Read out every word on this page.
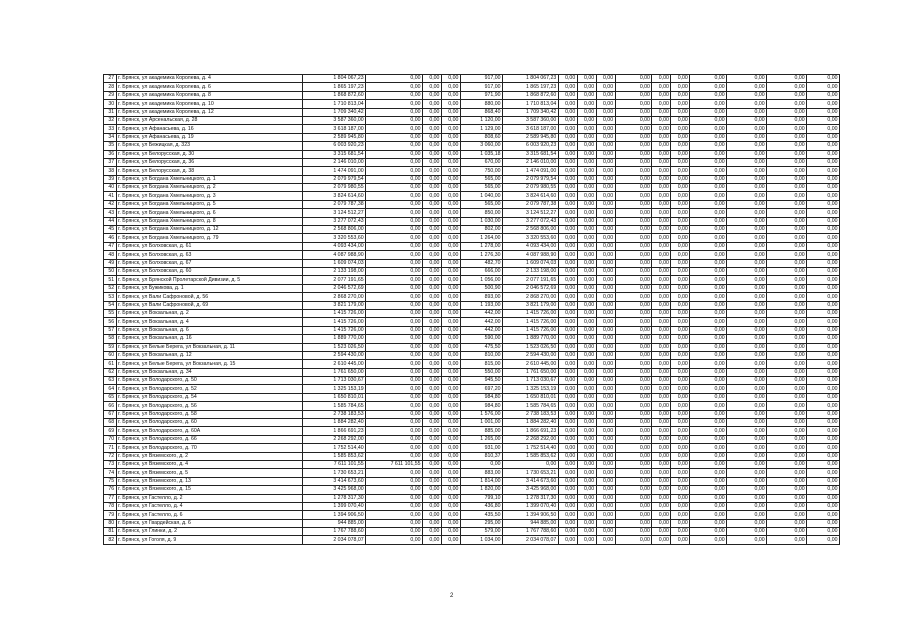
27	г. Брянск, ул академика Королева, д. 4	1 804 067,23	0,00	0,00	0,00	917,00	1 804 067,23	0,00	0,00	0,00	0,00	0,00	0,00	0,00	0,00	0,00	0,00
28	г. Брянск, ул академика Королева, д. 6	1 865 197,23	0,00	0,00	0,00	917,00	1 865 197,23	0,00	0,00	0,00	0,00	0,00	0,00	0,00	0,00	0,00	0,00
29	г. Брянск, ул академика Королева, д. 8	1 868 872,60	0,00	0,00	0,00	971,90	1 868 872,60	0,00	0,00	0,00	0,00	0,00	0,00	0,00	0,00	0,00	0,00
30	г. Брянск, ул академика Королева, д. 10	1 710 813,04	0,00	0,00	0,00	880,00	1 710 813,04	0,00	0,00	0,00	0,00	0,00	0,00	0,00	0,00	0,00	0,00
31	г. Брянск, ул академика Королева, д. 12	1 709 340,42	0,00	0,00	0,00	868,40	1 709 340,42	0,00	0,00	0,00	0,00	0,00	0,00	0,00	0,00	0,00	0,00
32	г. Брянск, ул Арсенальская, д. 28	3 587 360,00	0,00	0,00	0,00	1 120,00	3 587 360,00	0,00	0,00	0,00	0,00	0,00	0,00	0,00	0,00	0,00	0,00
33	г. Брянск, ул Афанасьева, д. 16	3 618 187,00	0,00	0,00	0,00	1 129,00	3 618 187,00	0,00	0,00	0,00	0,00	0,00	0,00	0,00	0,00	0,00	0,00
34	г. Брянск, ул Афанасьева, д. 19	2 589 945,80	0,00	0,00	0,00	808,60	2 589 945,80	0,00	0,00	0,00	0,00	0,00	0,00	0,00	0,00	0,00	0,00
35	г. Брянск, ул Бежицкая, д. 323	6 003 920,23	0,00	0,00	0,00	3 060,00	6 003 920,23	0,00	0,00	0,00	0,00	0,00	0,00	0,00	0,00	0,00	0,00
36	г. Брянск, ул Белорусская, д. 30	3 315 681,54	0,00	0,00	0,00	1 035,18	3 315 681,54	0,00	0,00	0,00	0,00	0,00	0,00	0,00	0,00	0,00	0,00
37	г. Брянск, ул Белорусская, д. 36	2 146 010,00	0,00	0,00	0,00	670,00	2 146 010,00	0,00	0,00	0,00	0,00	0,00	0,00	0,00	0,00	0,00	0,00
38	г. Брянск, ул Белорусская, д. 38	1 474 091,00	0,00	0,00	0,00	750,00	1 474 091,00	0,00	0,00	0,00	0,00	0,00	0,00	0,00	0,00	0,00	0,00
39	г. Брянск, ул Богдана Хмельницкого, д. 1	2 079 979,54	0,00	0,00	0,00	565,00	2 079 979,54	0,00	0,00	0,00	0,00	0,00	0,00	0,00	0,00	0,00	0,00
40	г. Брянск, ул Богдана Хмельницкого, д. 2	2 079 980,55	0,00	0,00	0,00	565,00	2 079 980,55	0,00	0,00	0,00	0,00	0,00	0,00	0,00	0,00	0,00	0,00
41	г. Брянск, ул Богдана Хмельницкого, д. 3	3 824 614,60	0,00	0,00	0,00	1 040,00	3 824 614,60	0,00	0,00	0,00	0,00	0,00	0,00	0,00	0,00	0,00	0,00
42	г. Брянск, ул Богдана Хмельницкого, д. 5	2 079 787,38	0,00	0,00	0,00	565,00	2 079 787,38	0,00	0,00	0,00	0,00	0,00	0,00	0,00	0,00	0,00	0,00
43	г. Брянск, ул Богдана Хмельницкого, д. 6	3 124 512,27	0,00	0,00	0,00	850,00	3 124 512,27	0,00	0,00	0,00	0,00	0,00	0,00	0,00	0,00	0,00	0,00
44	г. Брянск, ул Богдана Хмельницкого, д. 8	3 277 072,43	0,00	0,00	0,00	1 030,00	3 277 072,43	0,00	0,00	0,00	0,00	0,00	0,00	0,00	0,00	0,00	0,00
45	г. Брянск, ул Богдана Хмельницкого, д. 12	2 568 806,00	0,00	0,00	0,00	802,00	2 568 806,00	0,00	0,00	0,00	0,00	0,00	0,00	0,00	0,00	0,00	0,00
46	г. Брянск, ул Богдана Хмельницкого, д. 79	3 320 553,60	0,00	0,00	0,00	1 264,00	3 320 553,60	0,00	0,00	0,00	0,00	0,00	0,00	0,00	0,00	0,00	0,00
47	г. Брянск, ул Болховская, д. 61	4 093 434,00	0,00	0,00	0,00	1 278,00	4 093 434,00	0,00	0,00	0,00	0,00	0,00	0,00	0,00	0,00	0,00	0,00
48	г. Брянск, ул Болховская, д. 63	4 087 988,90	0,00	0,00	0,00	1 276,30	4 087 988,90	0,00	0,00	0,00	0,00	0,00	0,00	0,00	0,00	0,00	0,00
49	г. Брянск, ул Болховская, д. 67	1 609 074,03	0,00	0,00	0,00	482,70	1 609 074,03	0,00	0,00	0,00	0,00	0,00	0,00	0,00	0,00	0,00	0,00
50	г. Брянск, ул Болховская, д. 60	2 133 198,00	0,00	0,00	0,00	666,00	2 133 198,00	0,00	0,00	0,00	0,00	0,00	0,00	0,00	0,00	0,00	0,00
51	г. Брянск, ул Брянской Пролетарской Дивизии, д. 5	2 077 191,65	0,00	0,00	0,00	1 056,00	2 077 191,65	0,00	0,00	0,00	0,00	0,00	0,00	0,00	0,00	0,00	0,00
52	г. Брянск, ул Бужикова, д. 1	2 046 572,69	0,00	0,00	0,00	500,90	2 046 572,69	0,00	0,00	0,00	0,00	0,00	0,00	0,00	0,00	0,00	0,00
53	г. Брянск, ул Вали Сафроновой, д. 56	2 868 270,00	0,00	0,00	0,00	893,00	2 868 270,00	0,00	0,00	0,00	0,00	0,00	0,00	0,00	0,00	0,00	0,00
54	г. Брянск, ул Вали Сафроновой, д. 69	3 821 179,00	0,00	0,00	0,00	1 193,00	3 821 179,00	0,00	0,00	0,00	0,00	0,00	0,00	0,00	0,00	0,00	0,00
55	г. Брянск, ул Вокзальная, д. 2	1 415 726,00	0,00	0,00	0,00	442,00	1 415 726,00	0,00	0,00	0,00	0,00	0,00	0,00	0,00	0,00	0,00	0,00
56	г. Брянск, ул Вокзальная, д. 4	1 415 726,00	0,00	0,00	0,00	442,00	1 415 726,00	0,00	0,00	0,00	0,00	0,00	0,00	0,00	0,00	0,00	0,00
57	г. Брянск, ул Вокзальная, д. 6	1 415 726,00	0,00	0,00	0,00	442,00	1 415 726,00	0,00	0,00	0,00	0,00	0,00	0,00	0,00	0,00	0,00	0,00
58	г. Брянск, ул Вокзальная, д. 16	1 889 770,00	0,00	0,00	0,00	590,00	1 889 770,00	0,00	0,00	0,00	0,00	0,00	0,00	0,00	0,00	0,00	0,00
59	г. Брянск, ул Белые Берега, ул Вокзальная, д. 11	1 523 026,50	0,00	0,00	0,00	475,50	1 523 026,50	0,00	0,00	0,00	0,00	0,00	0,00	0,00	0,00	0,00	0,00
60	г. Брянск, ул Вокзальная, д. 12	2 594 430,00	0,00	0,00	0,00	810,00	2 594 430,00	0,00	0,00	0,00	0,00	0,00	0,00	0,00	0,00	0,00	0,00
61	г. Брянск, ул Белые Берега, ул Вокзальная, д. 15	2 610 445,00	0,00	0,00	0,00	815,00	2 610 445,00	0,00	0,00	0,00	0,00	0,00	0,00	0,00	0,00	0,00	0,00
62	г. Брянск, ул Вокзальная, д. 34	1 761 650,00	0,00	0,00	0,00	550,00	1 761 650,00	0,00	0,00	0,00	0,00	0,00	0,00	0,00	0,00	0,00	0,00
63	г. Брянск, ул Володарского, д. 50	1 713 030,67	0,00	0,00	0,00	945,50	1 713 030,67	0,00	0,00	0,00	0,00	0,00	0,00	0,00	0,00	0,00	0,00
64	г. Брянск, ул Володарского, д. 52	1 325 153,19	0,00	0,00	0,00	697,20	1 325 153,19	0,00	0,00	0,00	0,00	0,00	0,00	0,00	0,00	0,00	0,00
65	г. Брянск, ул Володарского, д. 54	1 650 810,01	0,00	0,00	0,00	984,80	1 650 810,01	0,00	0,00	0,00	0,00	0,00	0,00	0,00	0,00	0,00	0,00
66	г. Брянск, ул Володарского, д. 56	1 585 784,65	0,00	0,00	0,00	984,80	1 585 784,65	0,00	0,00	0,00	0,00	0,00	0,00	0,00	0,00	0,00	0,00
67	г. Брянск, ул Володарского, д. 58	2 738 183,53	0,00	0,00	0,00	1 576,00	2 738 183,53	0,00	0,00	0,00	0,00	0,00	0,00	0,00	0,00	0,00	0,00
68	г. Брянск, ул Володарского, д. 60	1 884 282,40	0,00	0,00	0,00	1 001,00	1 884 282,40	0,00	0,00	0,00	0,00	0,00	0,00	0,00	0,00	0,00	0,00
69	г. Брянск, ул Володарского, д. 60А	1 866 691,23	0,00	0,00	0,00	885,00	1 866 691,23	0,00	0,00	0,00	0,00	0,00	0,00	0,00	0,00	0,00	0,00
70	г. Брянск, ул Володарского, д. 66	2 268 292,00	0,00	0,00	0,00	1 265,00	2 268 292,00	0,00	0,00	0,00	0,00	0,00	0,00	0,00	0,00	0,00	0,00
71	г. Брянск, ул Володарского, д. 70	1 752 514,40	0,00	0,00	0,00	931,00	1 752 514,40	0,00	0,00	0,00	0,00	0,00	0,00	0,00	0,00	0,00	0,00
72	г. Брянск, ул Вяземского, д. 2	1 585 853,62	0,00	0,00	0,00	810,37	1 585 853,62	0,00	0,00	0,00	0,00	0,00	0,00	0,00	0,00	0,00	0,00
73	г. Брянск, ул Вяземского, д. 4	7 611 101,55	7 611 101,55	0,00	0,00	0,00	0,00	0,00	0,00	0,00	0,00	0,00	0,00	0,00	0,00	0,00	0,00
74	г. Брянск, ул Вяземского, д. 5	1 730 653,21	0,00	0,00	0,00	883,00	1 730 653,21	0,00	0,00	0,00	0,00	0,00	0,00	0,00	0,00	0,00	0,00
75	г. Брянск, ул Вяземского, д. 13	3 414 673,60	0,00	0,00	0,00	1 814,00	3 414 673,60	0,00	0,00	0,00	0,00	0,00	0,00	0,00	0,00	0,00	0,00
76	г. Брянск, ул Вяземского, д. 15	3 425 968,00	0,00	0,00	0,00	1 820,00	3 425 968,00	0,00	0,00	0,00	0,00	0,00	0,00	0,00	0,00	0,00	0,00
77	г. Брянск, ул Гастелло, д. 2	1 278 317,30	0,00	0,00	0,00	799,10	1 278 317,30	0,00	0,00	0,00	0,00	0,00	0,00	0,00	0,00	0,00	0,00
78	г. Брянск, ул Гастелло, д. 4	1 399 070,40	0,00	0,00	0,00	436,80	1 399 070,40	0,00	0,00	0,00	0,00	0,00	0,00	0,00	0,00	0,00	0,00
79	г. Брянск, ул Гастелло, д. 6	1 394 906,50	0,00	0,00	0,00	435,50	1 394 906,50	0,00	0,00	0,00	0,00	0,00	0,00	0,00	0,00	0,00	0,00
80	г. Брянск, ул Гвардейская, д. 6	944 885,00	0,00	0,00	0,00	295,00	944 885,00	0,00	0,00	0,00	0,00	0,00	0,00	0,00	0,00	0,00	0,00
81	г. Брянск, ул Глинки, д. 2	1 767 788,60	0,00	0,00	0,00	579,00	1 767 788,60	0,00	0,00	0,00	0,00	0,00	0,00	0,00	0,00	0,00	0,00
82	г. Брянск, ул Гоголя, д. 9	2 034 078,07	0,00	0,00	0,00	1 034,00	2 034 078,07	0,00	0,00	0,00	0,00	0,00	0,00	0,00	0,00	0,00	0,00
2
